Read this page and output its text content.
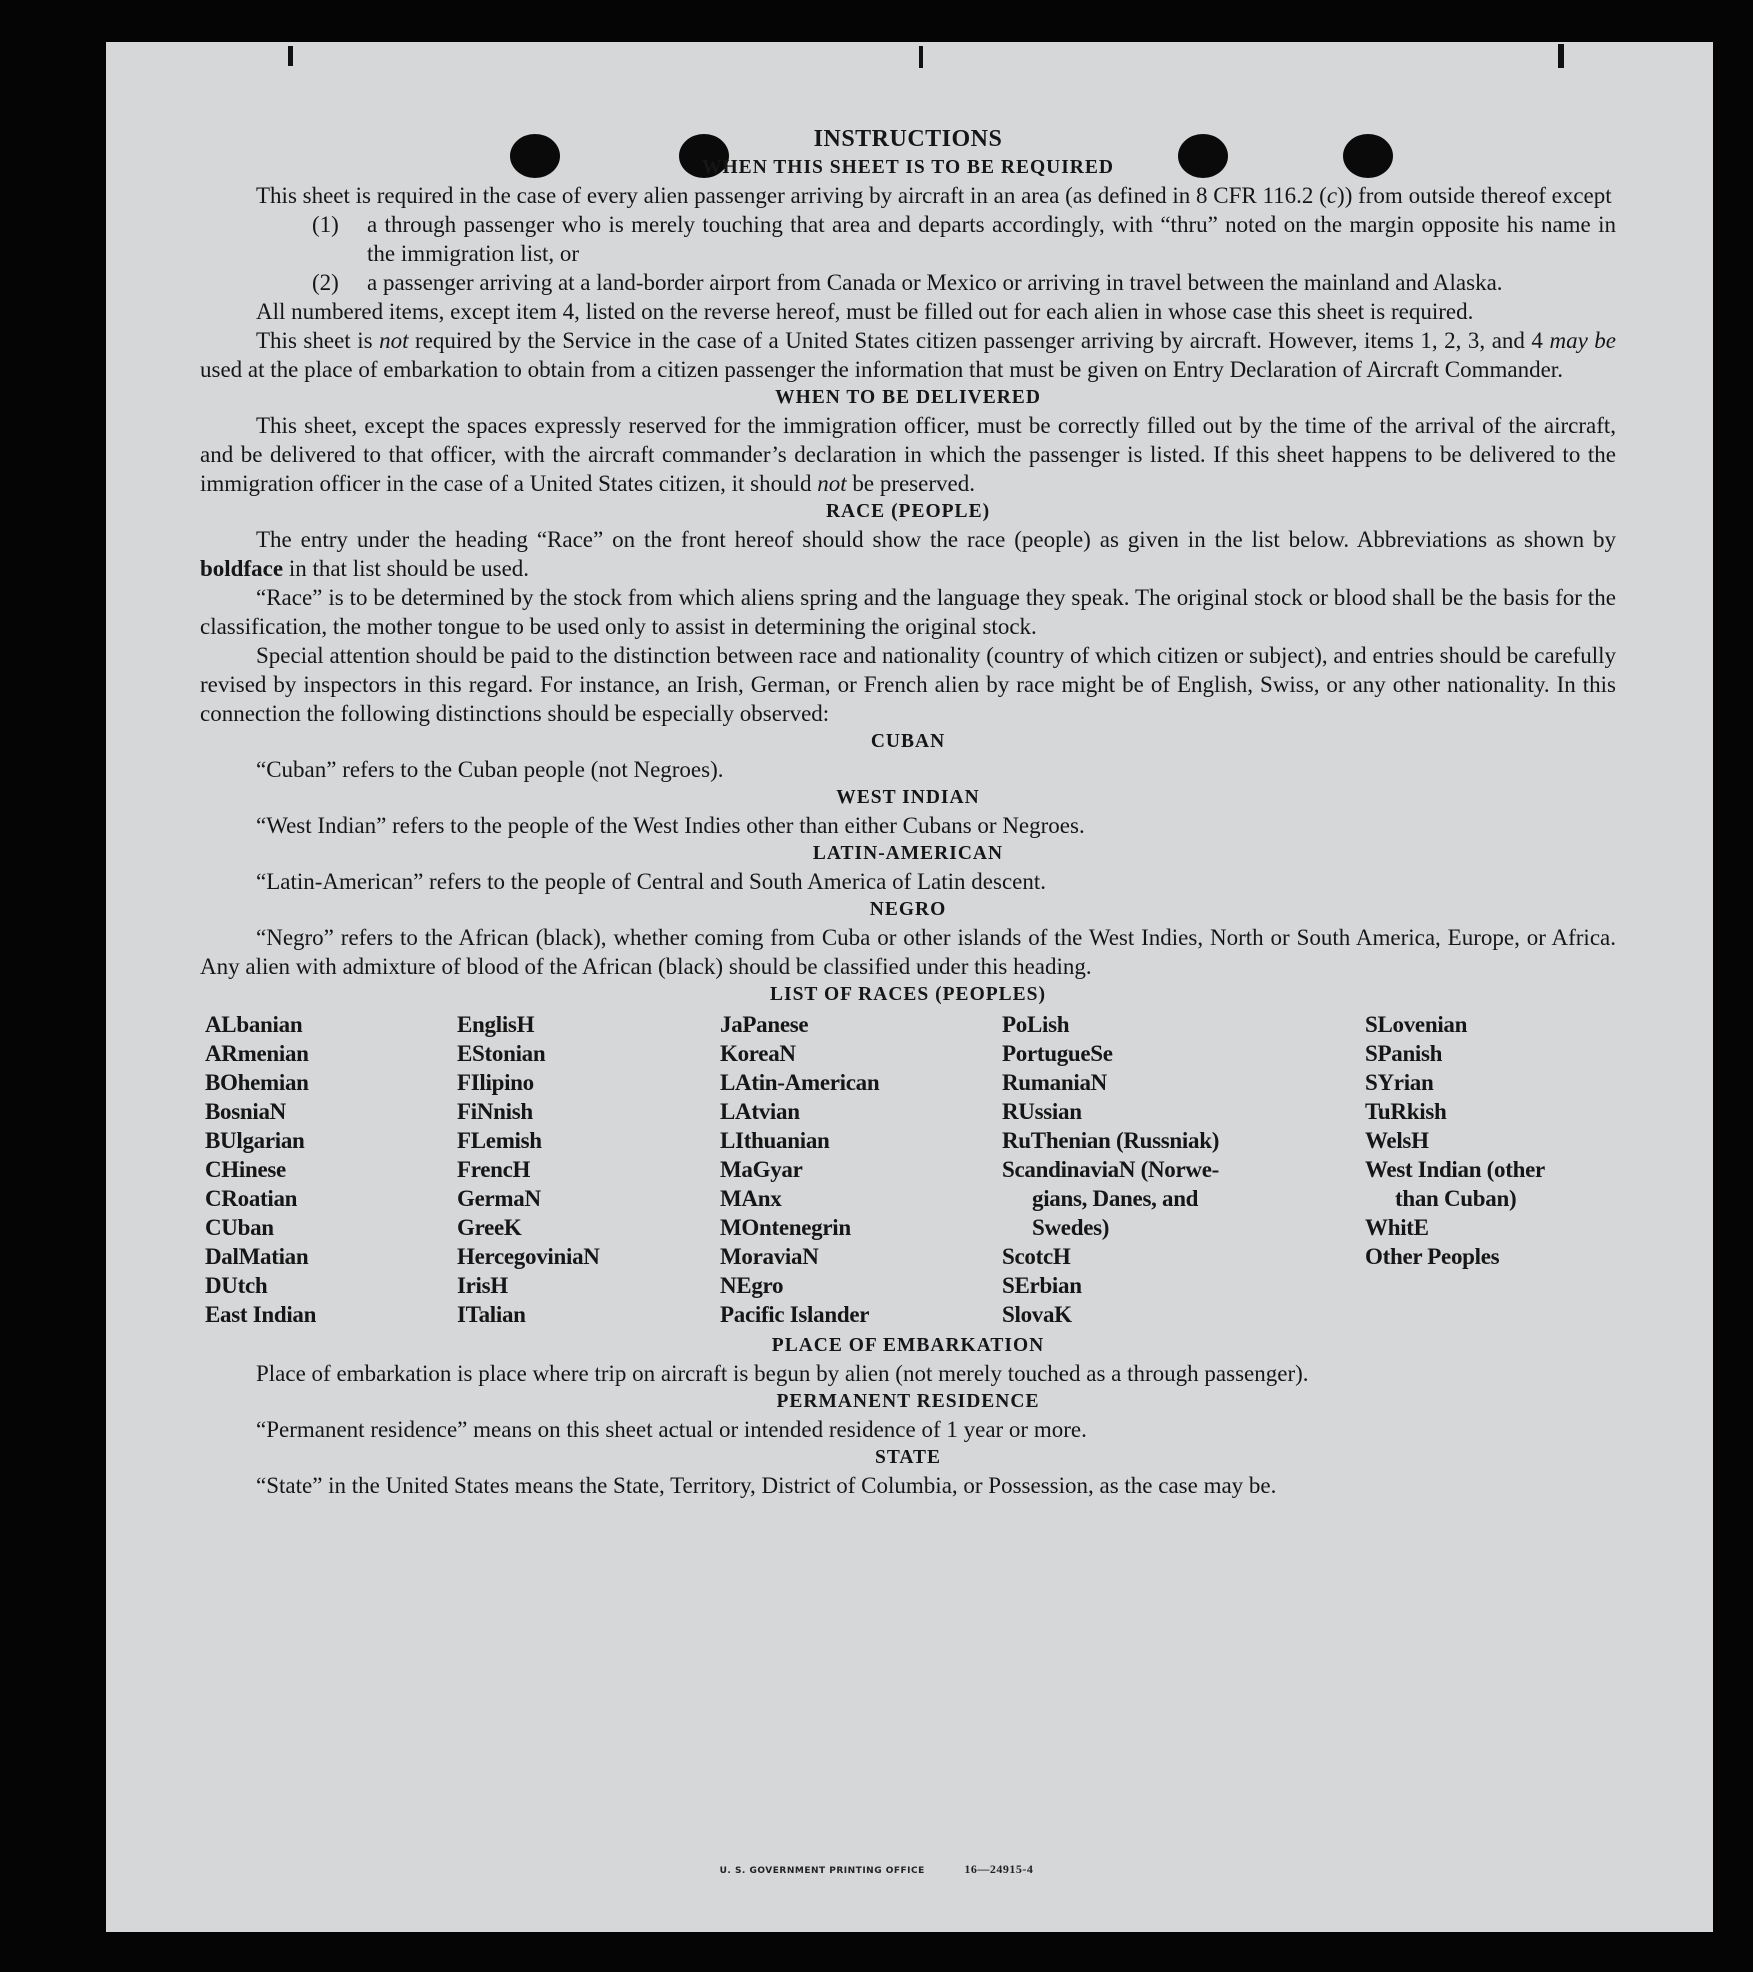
INSTRUCTIONS
WHEN THIS SHEET IS TO BE REQUIRED

This sheet is required in the case of every alien passenger arriving by aircraft in an area (as defined in 8 CFR 116.2 (c)) from outside thereof except

(1)	a through passenger who is merely touching that area and departs accordingly, with “thru” noted on the margin opposite his name in the immigration list, or
(2)	a passenger arriving at a land-border airport from Canada or Mexico or arriving in travel between the mainland and Alaska.

All numbered items, except item 4, listed on the reverse hereof, must be filled out for each alien in whose case this sheet is required.

This sheet is not required by the Service in the case of a United States citizen passenger arriving by aircraft. However, items 1, 2, 3, and 4 may be used at the place of embarkation to obtain from a citizen passenger the information that must be given on Entry Declaration of Aircraft Commander.

WHEN TO BE DELIVERED

This sheet, except the spaces expressly reserved for the immigration officer, must be correctly filled out by the time of the arrival of the aircraft, and be delivered to that officer, with the aircraft commander’s declaration in which the passenger is listed. If this sheet happens to be delivered to the immigration officer in the case of a United States citizen, it should not be preserved.

RACE (PEOPLE)

The entry under the heading “Race” on the front hereof should show the race (people) as given in the list below. Abbreviations as shown by boldface in that list should be used.

“Race” is to be determined by the stock from which aliens spring and the language they speak. The original stock or blood shall be the basis for the classification, the mother tongue to be used only to assist in determining the original stock.

Special attention should be paid to the distinction between race and nationality (country of which citizen or subject), and entries should be carefully revised by inspectors in this regard. For instance, an Irish, German, or French alien by race might be of English, Swiss, or any other nationality. In this connection the following distinctions should be especially observed:

CUBAN

“Cuban” refers to the Cuban people (not Negroes).

WEST INDIAN

“West Indian” refers to the people of the West Indies other than either Cubans or Negroes.

LATIN-AMERICAN

“Latin-American” refers to the people of Central and South America of Latin descent.

NEGRO

“Negro” refers to the African (black), whether coming from Cuba or other islands of the West Indies, North or South America, Europe, or Africa. Any alien with admixture of blood of the African (black) should be classified under this heading.

LIST OF RACES (PEOPLES)
ALbanian
ARmenian
BOhemian
BosniaN
BUlgarian
CHinese
CRoatian
CUban
DalMatian
DUtch
East Indian
EnglisH
EStonian
FIlipino
FiNnish
FLemish
FrencH
GermaN
GreeK
HercegoviniaN
IrisH
ITalian
JaPanese
KoreaN
LAtin-American
LAtvian
LIthuanian
MaGyar
MAnx
MOntenegrin
MoraviaN
NEgro
Pacific Islander
PoLish
PortugueSe
RumaniaN
RUssian
RuThenian (Russniak)
ScandinaviaN (Norwe-
gians, Danes, and
Swedes)
ScotcH
SErbian
SlovaK
SLovenian
SPanish
SYrian
TuRkish
WelsH
West Indian (other
than Cuban)
WhitE
Other Peoples
PLACE OF EMBARKATION

Place of embarkation is place where trip on aircraft is begun by alien (not merely touched as a through passenger).

PERMANENT RESIDENCE

“Permanent residence” means on this sheet actual or intended residence of 1 year or more.

STATE

“State” in the United States means the State, Territory, District of Columbia, or Possession, as the case may be.

U. S. GOVERNMENT PRINTING OFFICE	16—24915-4
